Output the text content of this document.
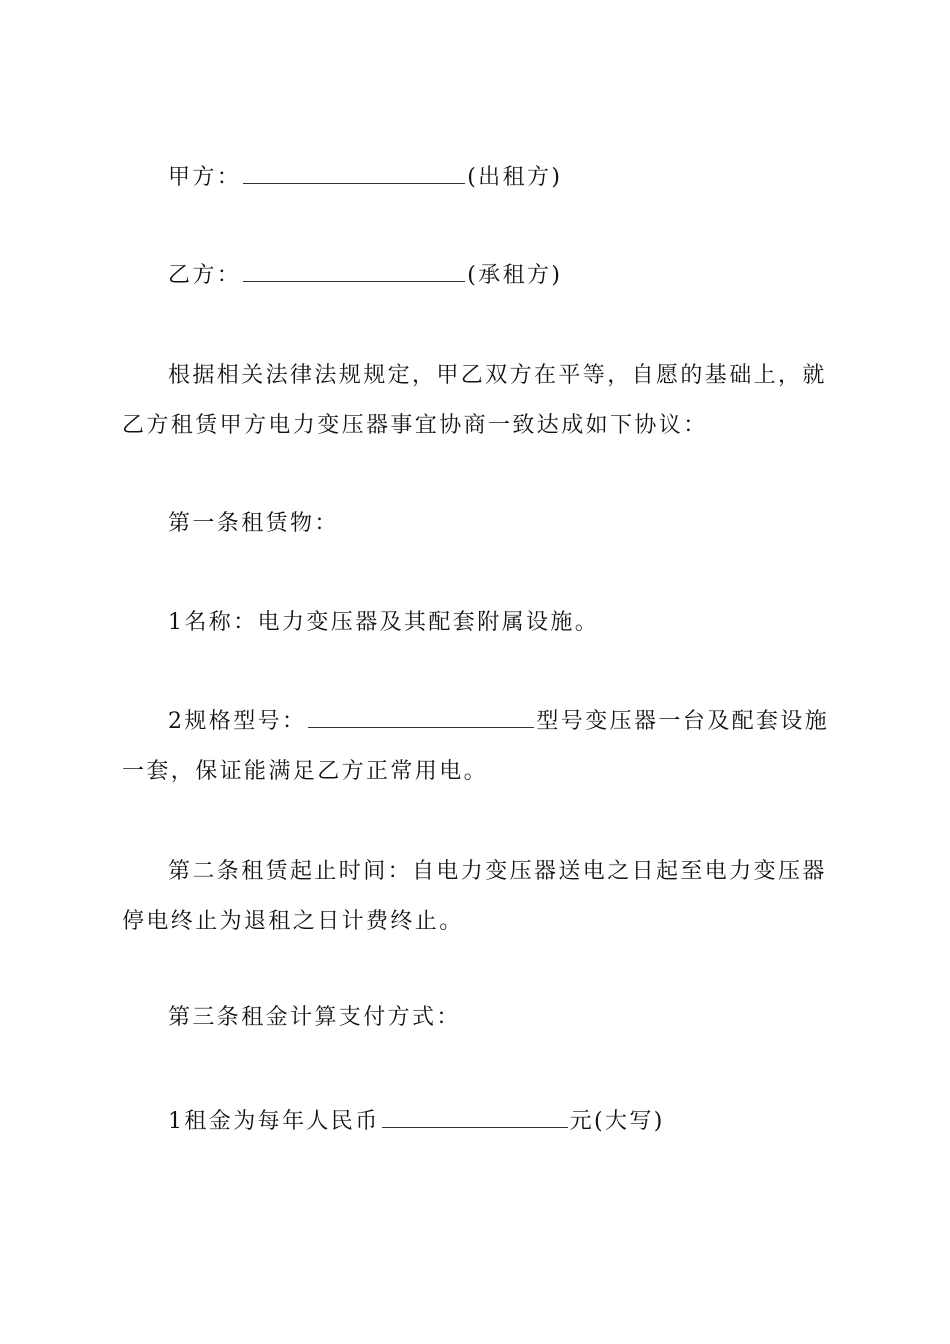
甲方：	(出租方)

乙方：	(承租方)

根据相关法律法规规定，甲乙双方在平等，自愿的基础上，就乙方租赁甲方电力变压器事宜协商一致达成如下协议：

第一条租赁物：

1名称：电力变压器及其配套附属设施。

2规格型号：	型号变压器一台及配套设施一套，保证能满足乙方正常用电。

第二条租赁起止时间：自电力变压器送电之日起至电力变压器停电终止为退租之日计费终止。

第三条租金计算支付方式：

1租金为每年人民币	元(大写)
